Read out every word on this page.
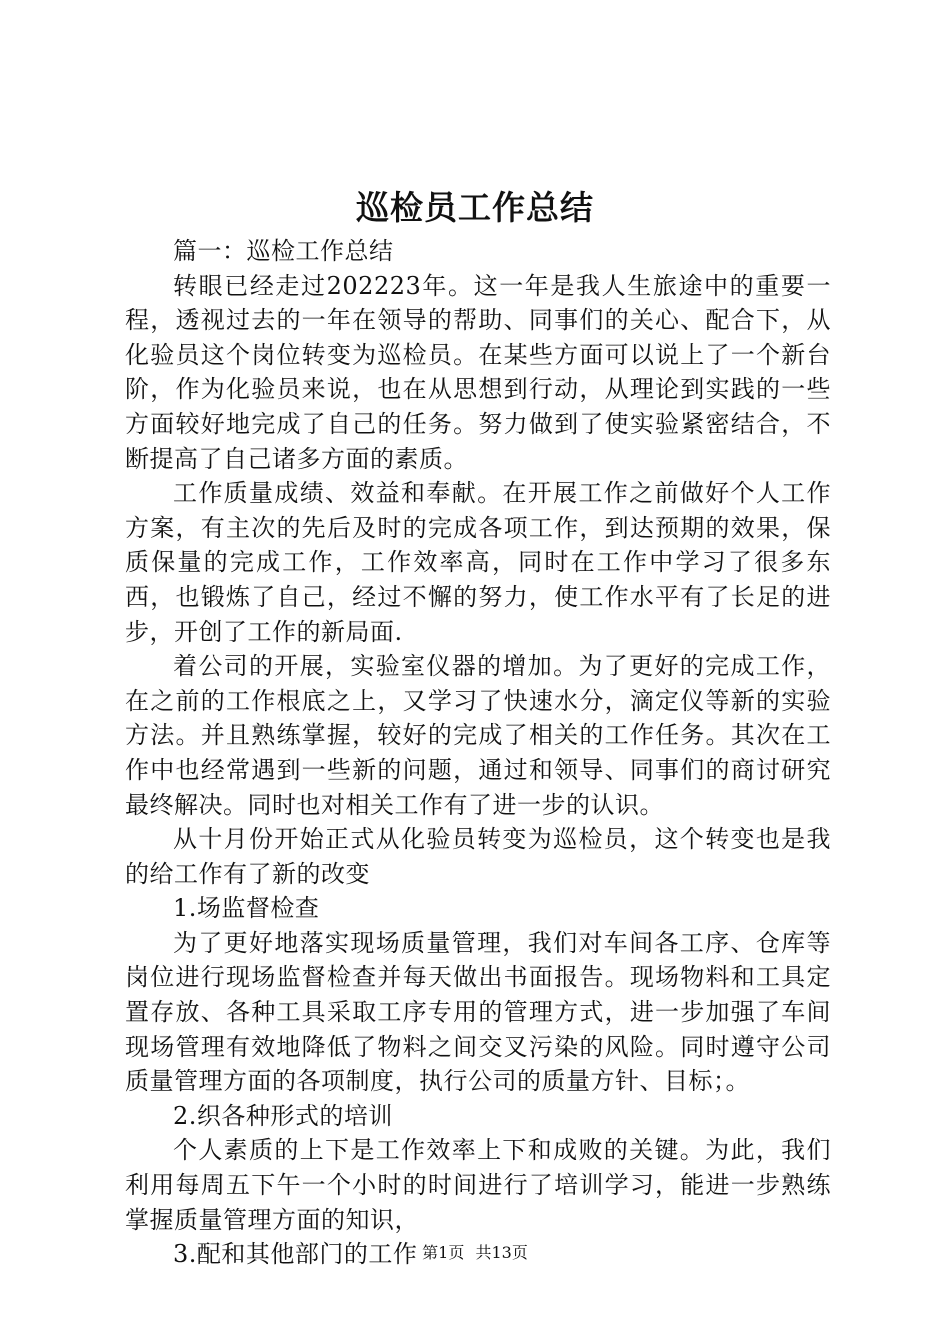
巡检员工作总结

篇一：巡检工作总结

转眼已经走过202223年。这一年是我人生旅途中的重要一程，透视过去的一年在领导的帮助、同事们的关心、配合下，从化验员这个岗位转变为巡检员。在某些方面可以说上了一个新台阶，作为化验员来说，也在从思想到行动，从理论到实践的一些方面较好地完成了自己的任务。努力做到了使实验紧密结合，不断提高了自己诸多方面的素质。

工作质量成绩、效益和奉献。在开展工作之前做好个人工作方案，有主次的先后及时的完成各项工作，到达预期的效果，保质保量的完成工作，工作效率高，同时在工作中学习了很多东西，也锻炼了自己，经过不懈的努力，使工作水平有了长足的进步，开创了工作的新局面.

着公司的开展，实验室仪器的增加。为了更好的完成工作，在之前的工作根底之上，又学习了快速水分，滴定仪等新的实验方法。并且熟练掌握，较好的完成了相关的工作任务。其次在工作中也经常遇到一些新的问题，通过和领导、同事们的商讨研究最终解决。同时也对相关工作有了进一步的认识。

从十月份开始正式从化验员转变为巡检员，这个转变也是我的给工作有了新的改变

1.场监督检查

为了更好地落实现场质量管理，我们对车间各工序、仓库等岗位进行现场监督检查并每天做出书面报告。现场物料和工具定置存放、各种工具采取工序专用的管理方式，进一步加强了车间现场管理有效地降低了物料之间交叉污染的风险。同时遵守公司质量管理方面的各项制度，执行公司的质量方针、目标；。

2.织各种形式的培训

个人素质的上下是工作效率上下和成败的关键。为此，我们利用每周五下午一个小时的时间进行了培训学习，能进一步熟练掌握质量管理方面的知识，

3.配和其他部门的工作 第1页 共13页
